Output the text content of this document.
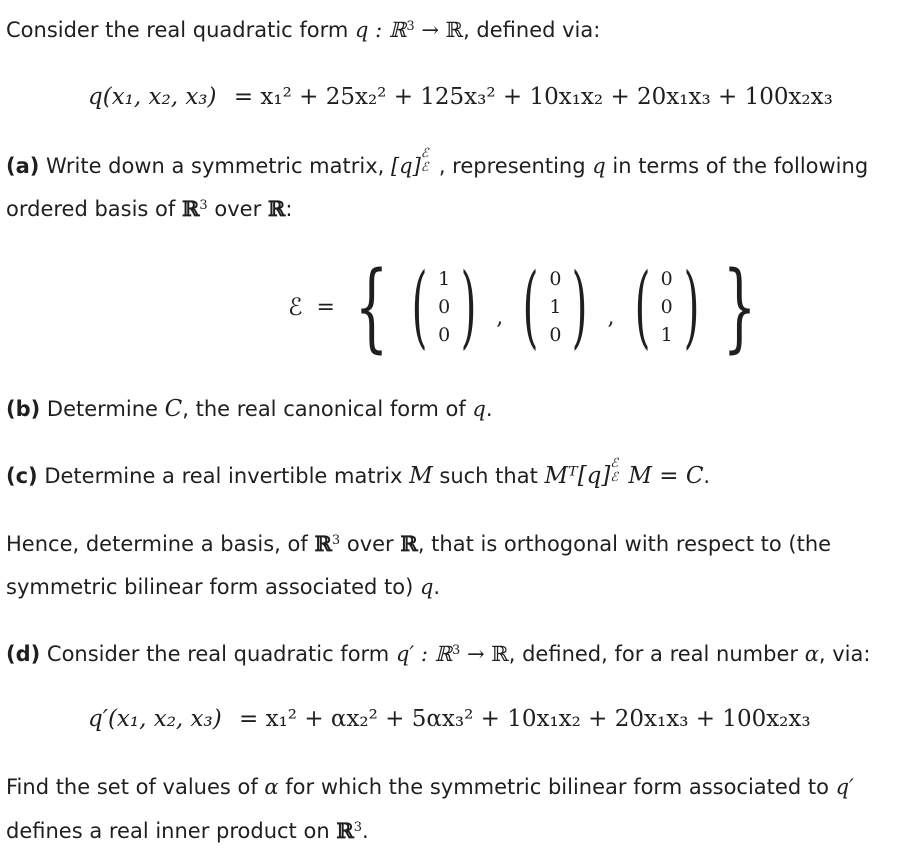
Consider the real quadratic form q : ℝ$^3$ → ℝ, defined via:
q(x₁, x₂, x₃) = x₁² + 25x₂² + 125x₃² + 10x₁x₂ + 20x₁x₃ + 100x₂x₃
(a) Write down a symmetric matrix, [q]
ℰ
ℰ , representing q in terms of the following
ordered basis of ℝ$^3$ over ℝ:
ℰ = { ( 1
0
0 ) , ( 0
1
0 ) , ( 0
0
1 ) }
(b) Determine C, the real canonical form of q.
(c) Determine a real invertible matrix M such that Mᵀ[q]
ℰ
ℰ M = C.
Hence, determine a basis, of ℝ$^3$ over ℝ, that is orthogonal with respect to (the
symmetric bilinear form associated to) q.
(d) Consider the real quadratic form q′ : ℝ$^3$ → ℝ, defined, for a real number α, via:
q′(x₁, x₂, x₃) = x₁² + αx₂² + 5αx₃² + 10x₁x₂ + 20x₁x₃ + 100x₂x₃
Find the set of values of α for which the symmetric bilinear form associated to q′
defines a real inner product on ℝ$^3$.
